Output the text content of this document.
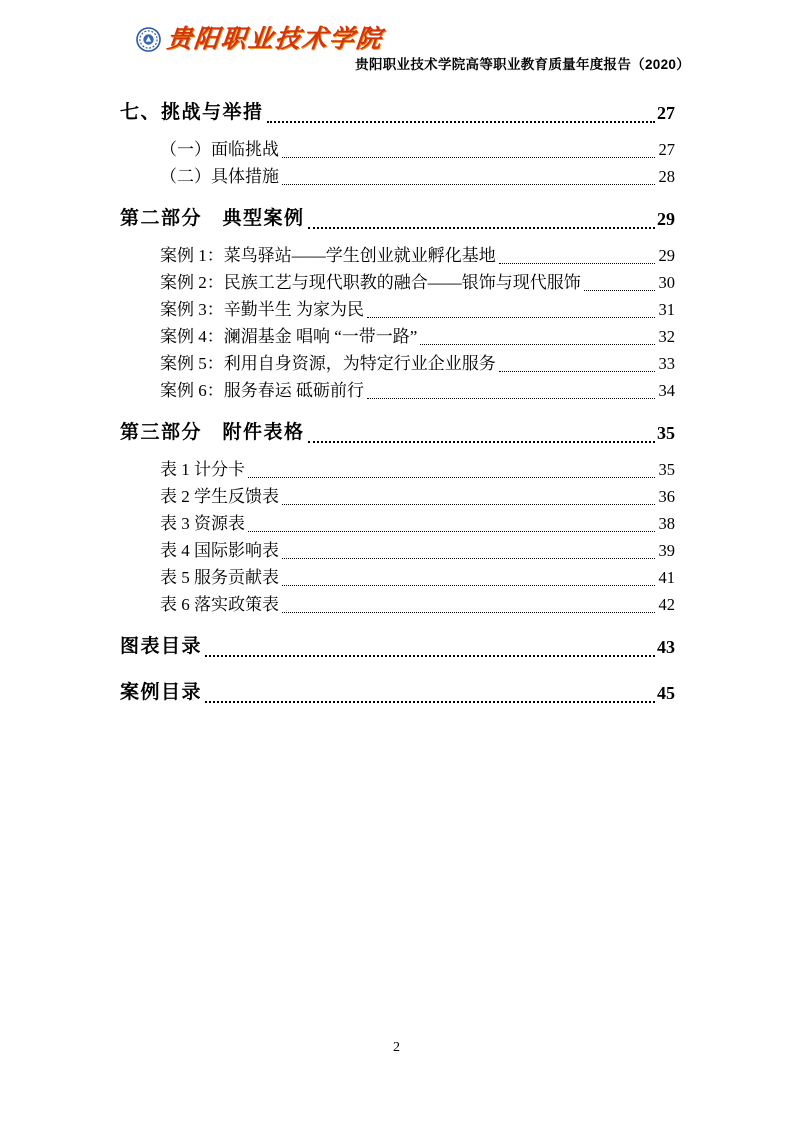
贵阳职业技术学院
贵阳职业技术学院高等职业教育质量年度报告（2020）
七、挑战与举措	27
（一）面临挑战	27
（二）具体措施	28
第二部分　典型案例	29
案例 1：菜鸟驿站——学生创业就业孵化基地	29
案例 2：民族工艺与现代职教的融合——银饰与现代服饰	30
案例 3：辛勤半生 为家为民	31
案例 4：澜湄基金 唱响 “一带一路”	32
案例 5：利用自身资源，为特定行业企业服务	33
案例 6：服务春运 砥砺前行	34
第三部分　附件表格	35
表 1 计分卡	35
表 2 学生反馈表	36
表 3 资源表	38
表 4 国际影响表	39
表 5 服务贡献表	41
表 6 落实政策表	42
图表目录	43
案例目录	45
2
